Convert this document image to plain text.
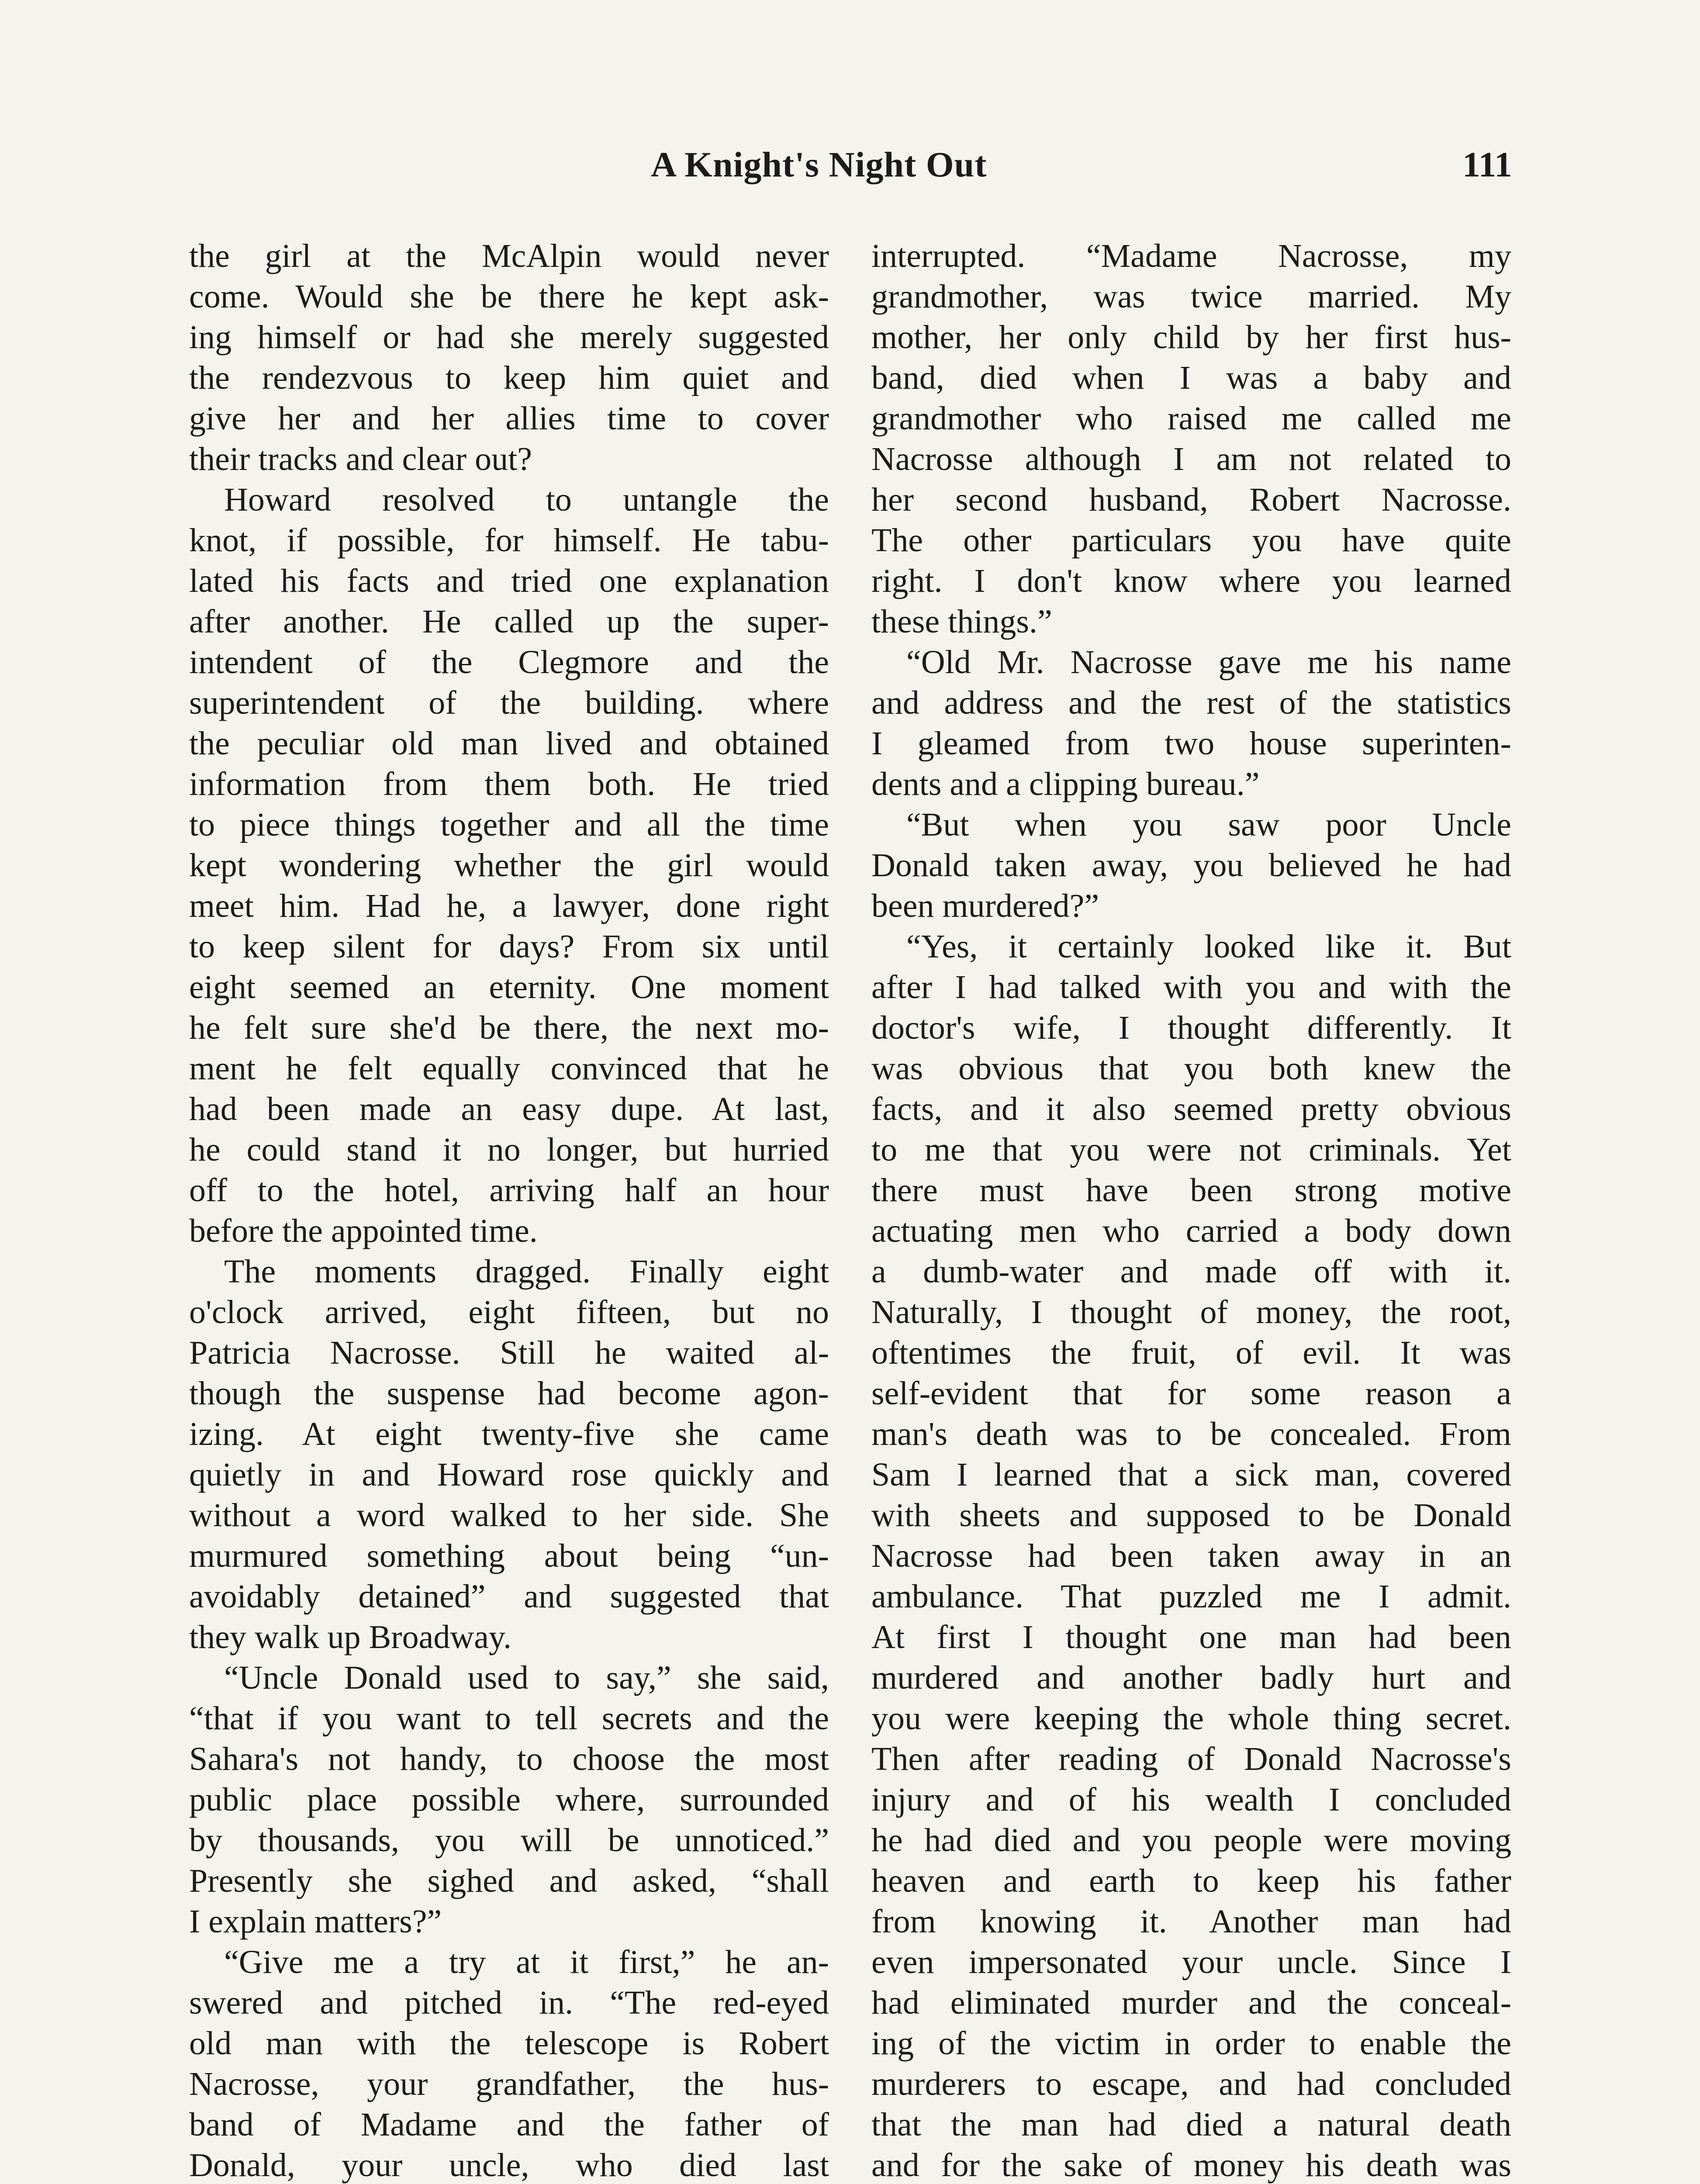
A Knight's Night Out	111
the girl at the McAlpin would never
come. Would she be there he kept ask-
ing himself or had she merely suggested
the rendezvous to keep him quiet and
give her and her allies time to cover
their tracks and clear out?
Howard resolved to untangle the
knot, if possible, for himself. He tabu-
lated his facts and tried one explanation
after another. He called up the super-
intendent of the Clegmore and the
superintendent of the building. where
the peculiar old man lived and obtained
information from them both. He tried
to piece things together and all the time
kept wondering whether the girl would
meet him. Had he, a lawyer, done right
to keep silent for days? From six until
eight seemed an eternity. One moment
he felt sure she'd be there, the next mo-
ment he felt equally convinced that he
had been made an easy dupe. At last,
he could stand it no longer, but hurried
off to the hotel, arriving half an hour
before the appointed time.
The moments dragged. Finally eight
o'clock arrived, eight fifteen, but no
Patricia Nacrosse. Still he waited al-
though the suspense had become agon-
izing. At eight twenty-five she came
quietly in and Howard rose quickly and
without a word walked to her side. She
murmured something about being “un-
avoidably detained” and suggested that
they walk up Broadway.
“Uncle Donald used to say,” she said,
“that if you want to tell secrets and the
Sahara's not handy, to choose the most
public place possible where, surrounded
by thousands, you will be unnoticed.”
Presently she sighed and asked, “shall
I explain matters?”
“Give me a try at it first,” he an-
swered and pitched in. “The red-eyed
old man with the telescope is Robert
Nacrosse, your grandfather, the hus-
band of Madame and the father of
Donald, your uncle, who died last
interrupted. “Madame Nacrosse, my
grandmother, was twice married. My
mother, her only child by her first hus-
band, died when I was a baby and
grandmother who raised me called me
Nacrosse although I am not related to
her second husband, Robert Nacrosse.
The other particulars you have quite
right. I don't know where you learned
these things.”
“Old Mr. Nacrosse gave me his name
and address and the rest of the statistics
I gleamed from two house superinten-
dents and a clipping bureau.”
“But when you saw poor Uncle
Donald taken away, you believed he had
been murdered?”
“Yes, it certainly looked like it. But
after I had talked with you and with the
doctor's wife, I thought differently. It
was obvious that you both knew the
facts, and it also seemed pretty obvious
to me that you were not criminals. Yet
there must have been strong motive
actuating men who carried a body down
a dumb-water and made off with it.
Naturally, I thought of money, the root,
oftentimes the fruit, of evil. It was
self-evident that for some reason a
man's death was to be concealed. From
Sam I learned that a sick man, covered
with sheets and supposed to be Donald
Nacrosse had been taken away in an
ambulance. That puzzled me I admit.
At first I thought one man had been
murdered and another badly hurt and
you were keeping the whole thing secret.
Then after reading of Donald Nacrosse's
injury and of his wealth I concluded
he had died and you people were moving
heaven and earth to keep his father
from knowing it. Another man had
even impersonated your uncle. Since I
had eliminated murder and the conceal-
ing of the victim in order to enable the
murderers to escape, and had concluded
that the man had died a natural death
and for the sake of money his death was
